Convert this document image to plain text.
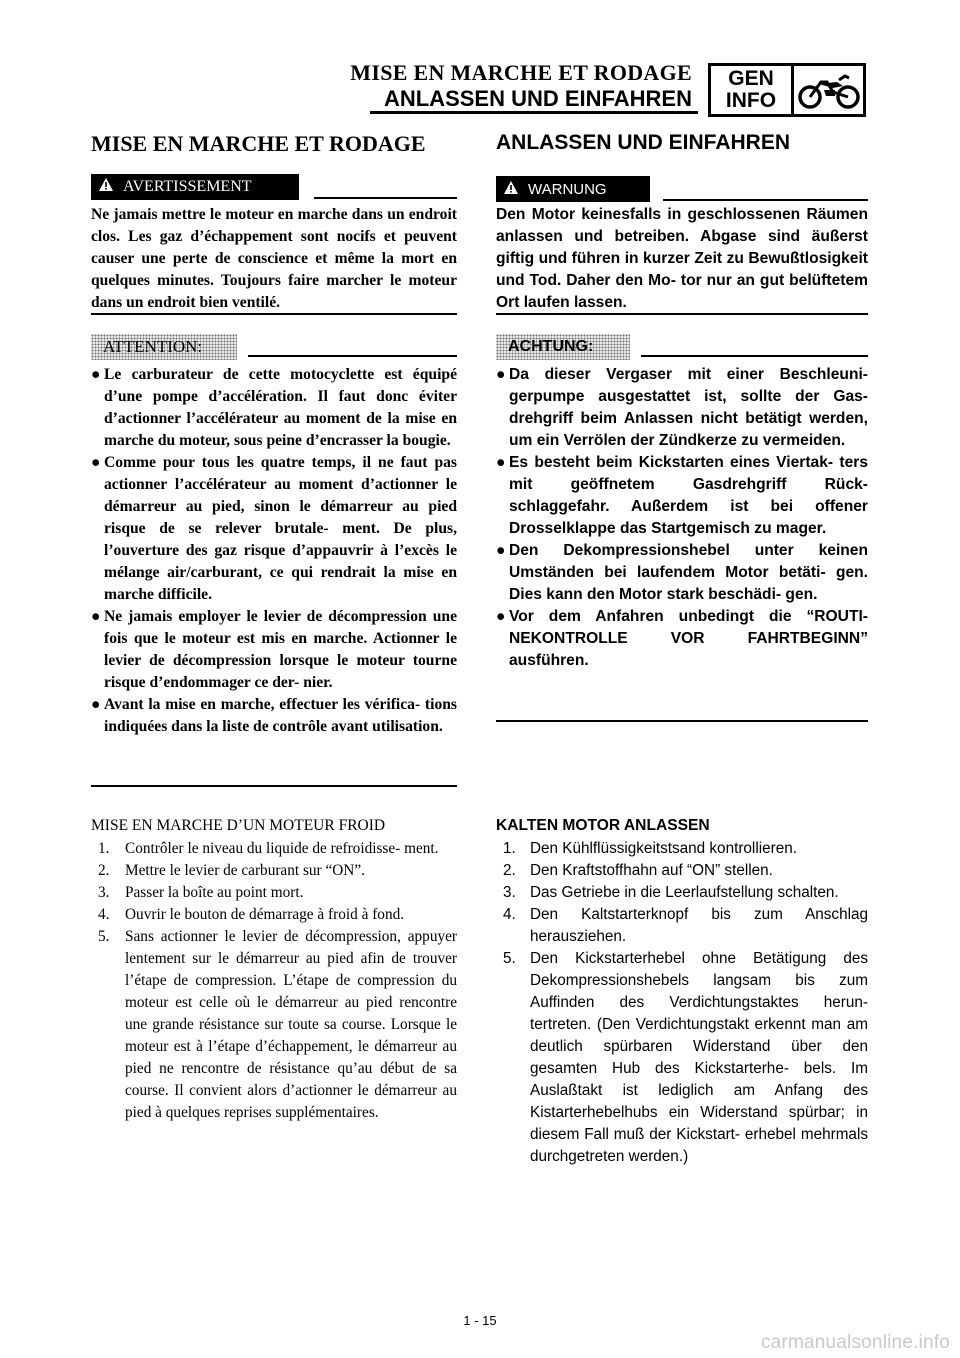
MISE EN MARCHE ET RODAGE
ANLASSEN UND EINFAHREN
GEN
INFO
MISE EN MARCHE ET RODAGE
AVERTISSEMENT
Ne jamais mettre le moteur en marche dans un endroit clos. Les gaz d’échappement sont nocifs et peuvent causer une perte de conscience et même la mort en quelques minutes. Toujours faire marcher le moteur dans un endroit bien ventilé.
ATTENTION:
● Le carburateur de cette motocyclette est équipé d’une pompe d’accélération. Il faut donc éviter d’actionner l’accélérateur au moment de la mise en marche du moteur, sous peine d’encrasser la bougie.
● Comme pour tous les quatre temps, il ne faut pas actionner l’accélérateur au moment d’actionner le démarreur au pied, sinon le démarreur au pied risque de se relever brutale- ment. De plus, l’ouverture des gaz risque d’appauvrir à l’excès le mélange air/carburant, ce qui rendrait la mise en marche difficile.
● Ne jamais employer le levier de décompression une fois que le moteur est mis en marche. Actionner le levier de décompression lorsque le moteur tourne risque d’endommager ce der- nier.
● Avant la mise en marche, effectuer les vérifica- tions indiquées dans la liste de contrôle avant utilisation.
MISE EN MARCHE D’UN MOTEUR FROID
1.	Contrôler le niveau du liquide de refroidisse- ment.
2.	Mettre le levier de carburant sur “ON”.
3.	Passer la boîte au point mort.
4.	Ouvrir le bouton de démarrage à froid à fond.
5.	Sans actionner le levier de décompression, appuyer lentement sur le démarreur au pied afin de trouver l’étape de compression. L’étape de compression du moteur est celle où le démarreur au pied rencontre une grande résistance sur toute sa course. Lorsque le moteur est à l’étape d’échappement, le démarreur au pied ne rencontre de résistance qu’au début de sa course. Il convient alors d’actionner le démarreur au pied à quelques reprises supplémentaires.
ANLASSEN UND EINFAHREN
WARNUNG
Den Motor keinesfalls in geschlossenen Räumen anlassen und betreiben. Abgase sind äußerst giftig und führen in kurzer Zeit zu Bewußtlosigkeit und Tod. Daher den Mo- tor nur an gut belüftetem Ort laufen lassen.
ACHTUNG:
● Da dieser Vergaser mit einer Beschleuni- gerpumpe ausgestattet ist, sollte der Gas- drehgriff beim Anlassen nicht betätigt werden, um ein Verrölen der Zündkerze zu vermeiden.
● Es besteht beim Kickstarten eines Viertak- ters mit geöffnetem Gasdrehgriff Rück- schlaggefahr. Außerdem ist bei offener Drosselklappe das Startgemisch zu mager.
● Den Dekompressionshebel unter keinen Umständen bei laufendem Motor betäti- gen. Dies kann den Motor stark beschädi- gen.
● Vor dem Anfahren unbedingt die “ROUTI- NEKONTROLLE VOR FAHRTBEGINN” ausführen.
KALTEN MOTOR ANLASSEN
1. Den Kühlflüssigkeitstsand kontrollieren.
2. Den Kraftstoffhahn auf “ON” stellen.
3. Das Getriebe in die Leerlaufstellung schalten.
4. Den Kaltstarterknopf bis zum Anschlag herausziehen.
5. Den Kickstarterhebel ohne Betätigung des Dekompressionshebels langsam bis zum Auffinden des Verdichtungstaktes herun- tertreten. (Den Verdichtungstakt erkennt man am deutlich spürbaren Widerstand über den gesamten Hub des Kickstarterhe- bels. Im Auslaßtakt ist lediglich am Anfang des Kistarterhebelhubs ein Widerstand spürbar; in diesem Fall muß der Kickstart- erhebel mehrmals durchgetreten werden.)
1 - 15
carmanualsonline.info
